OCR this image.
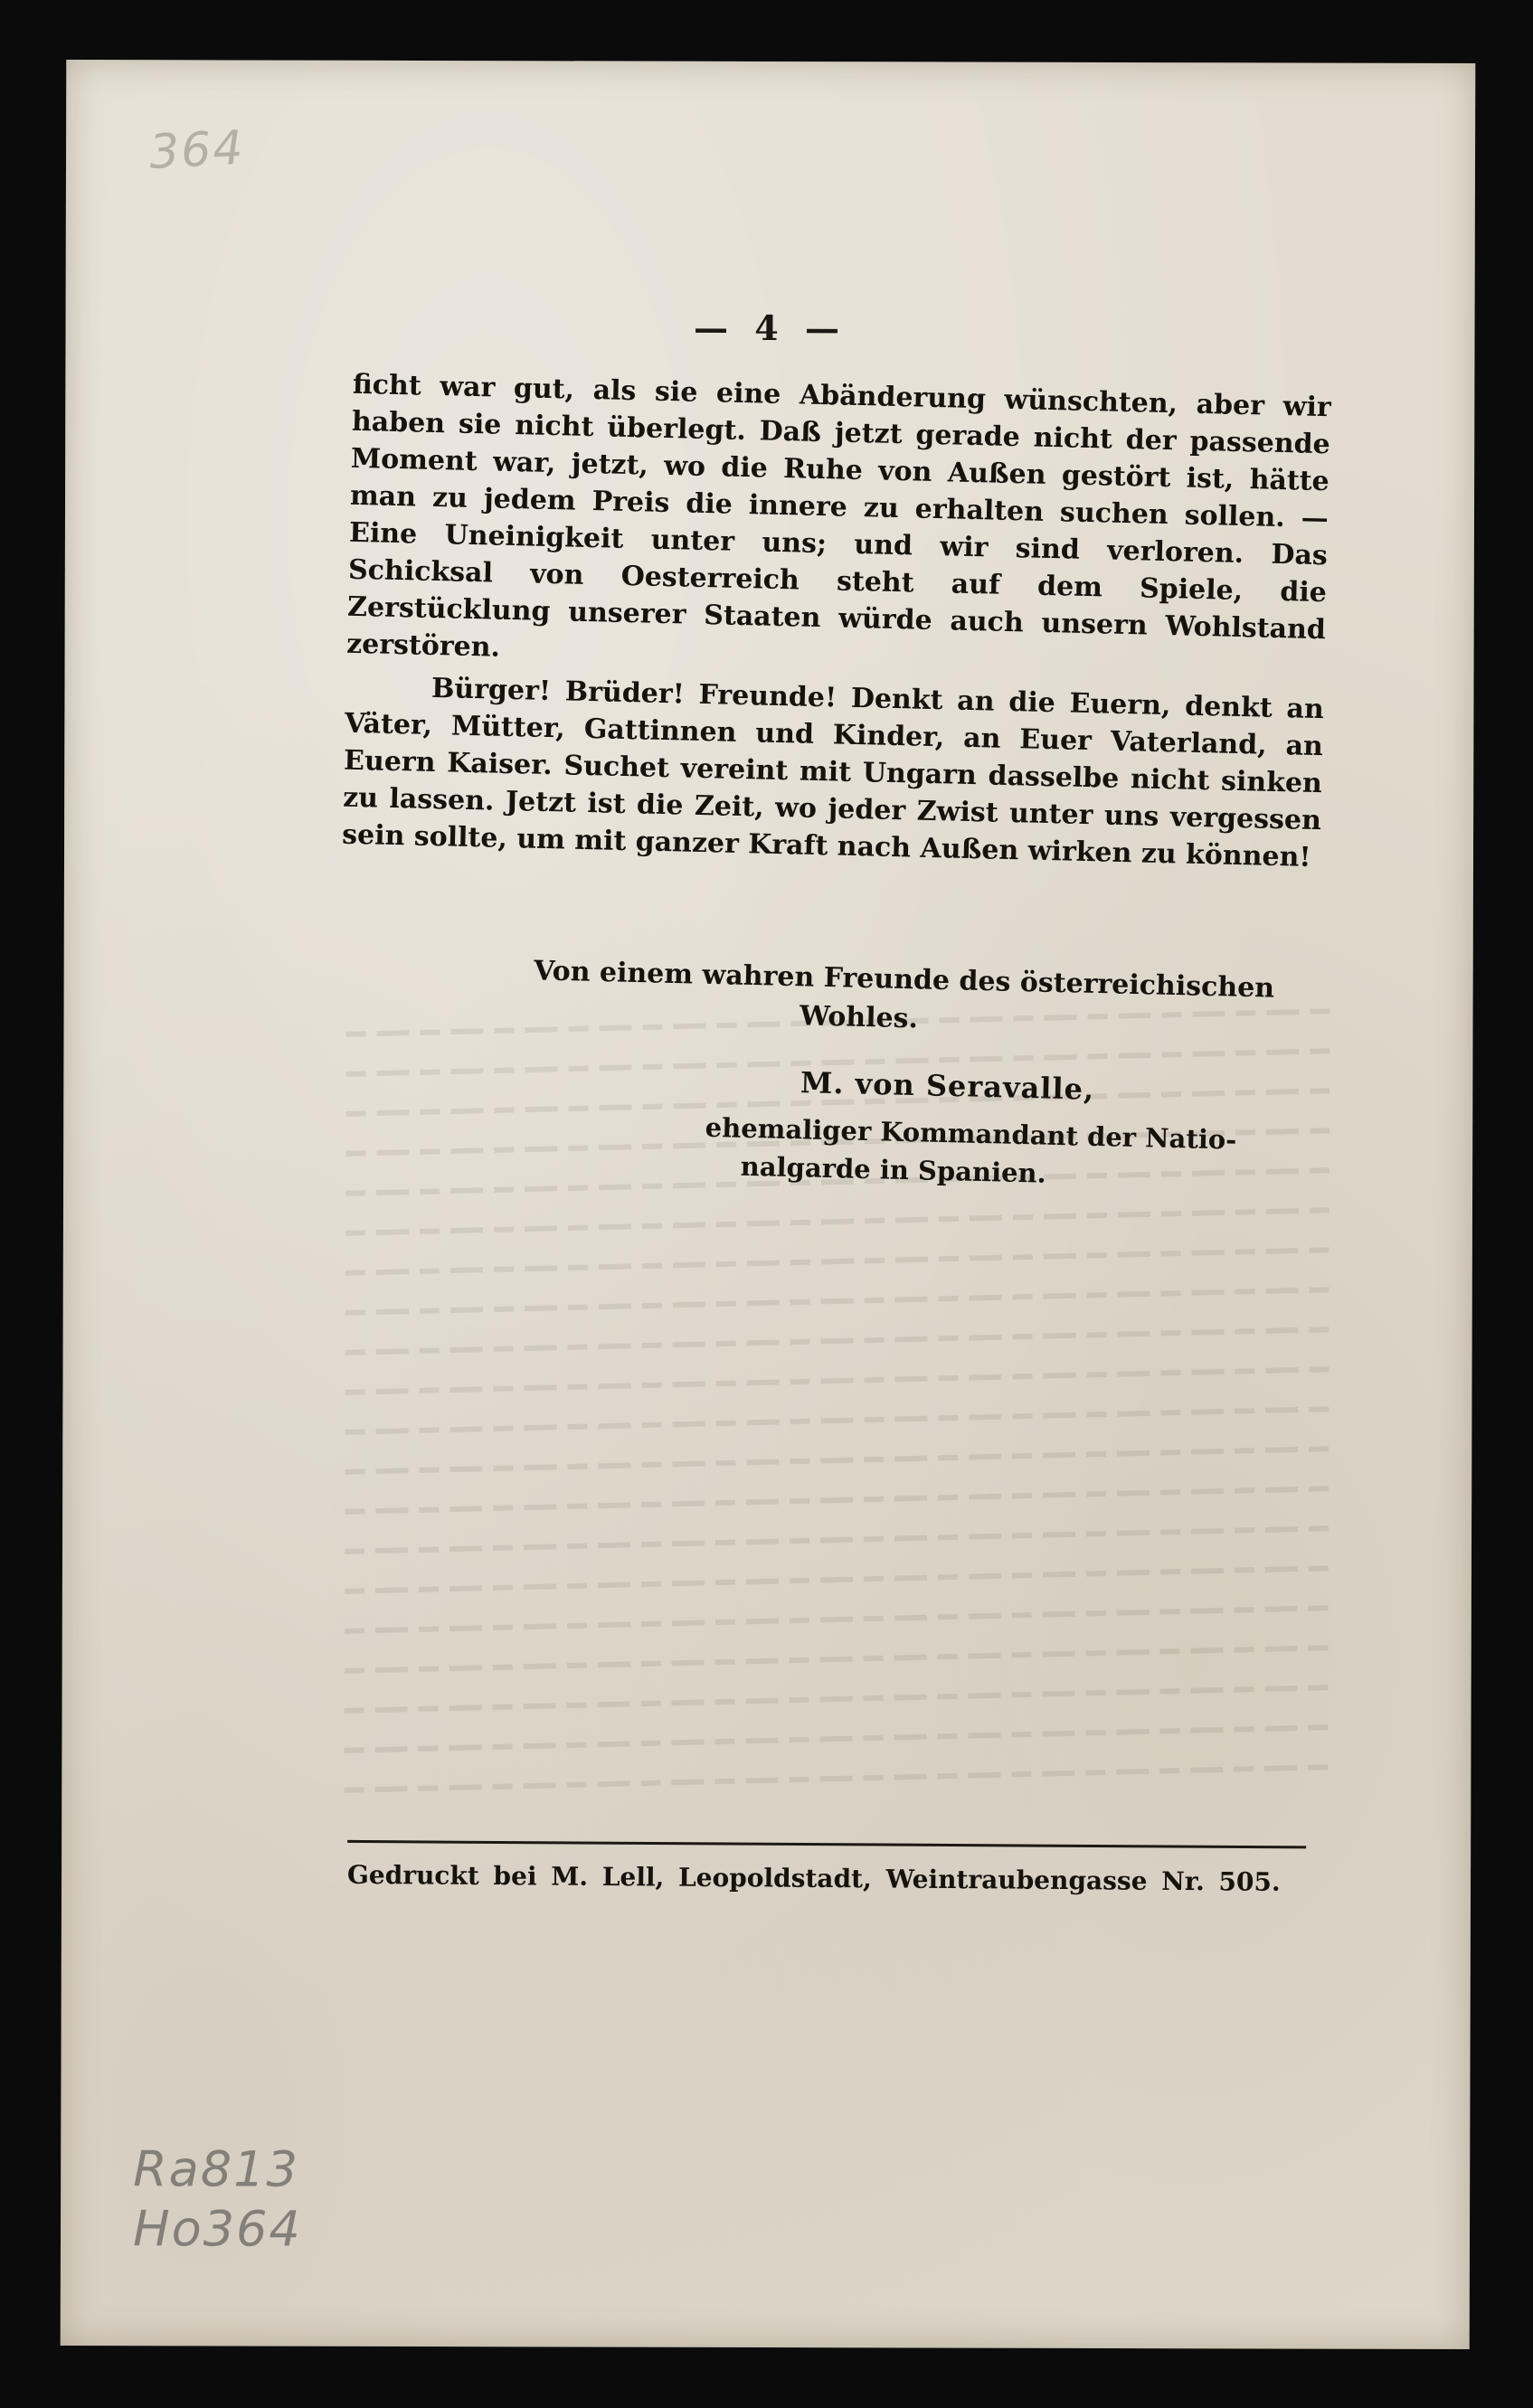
364
— 4 —

ficht war gut, als sie eine Abänderung wünschten, aber wir haben sie nicht überlegt. Daß jetzt gerade nicht der passende Moment war, jetzt, wo die Ruhe von Außen gestört ist, hätte man zu jedem Preis die innere zu erhalten suchen sollen. — Eine Uneinigkeit unter uns; und wir sind verloren. Das Schicksal von Oesterreich steht auf dem Spiele, die Zerstücklung unserer Staaten würde auch unsern Wohlstand zerstören.

Bürger! Brüder! Freunde! Denkt an die Euern, denkt an Väter, Mütter, Gattinnen und Kinder, an Euer Vaterland, an Euern Kaiser. Suchet vereint mit Ungarn dasselbe nicht sinken zu lassen. Jetzt ist die Zeit, wo jeder Zwist unter uns vergessen sein sollte, um mit ganzer Kraft nach Außen wirken zu können!

Von einem wahren Freunde des österreichischen
Wohles.
M. von Seravalle,
ehemaliger Kommandant der Natio-
nalgarde in Spanien.
Gedruckt bei M. Lell, Leopoldstadt, Weintraubengasse Nr. 505.
Ra813
Ho364
